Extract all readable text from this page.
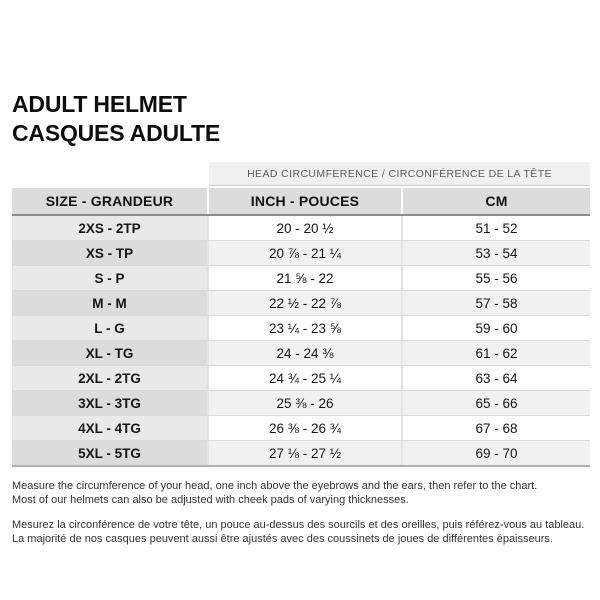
ADULT HELMET
CASQUES ADULTE
HEAD CIRCUMFERENCE / CIRCONFÉRENCE DE LA TÊTE
SIZE - GRANDEUR	INCH - POUCES	CM
2XS - 2TP	20 - 20 ½	51 - 52
XS - TP	20 ⅞ - 21 ¼	53 - 54
S - P	21 ⅝ - 22	55 - 56
M - M	22 ½ - 22 ⅞	57 - 58
L - G	23 ¼ - 23 ⅝	59 - 60
XL - TG	24 - 24 ⅜	61 - 62
2XL - 2TG	24 ¾ - 25 ¼	63 - 64
3XL - 3TG	25 ⅜ - 26	65 - 66
4XL - 4TG	26 ⅜ - 26 ¾	67 - 68
5XL - 5TG	27 ⅛ - 27 ½	69 - 70

Measure the circumference of your head, one inch above the eyebrows and the ears, then refer to the chart.
Most of our helmets can also be adjusted with cheek pads of varying thicknesses.

Mesurez la circonférence de votre tête, un pouce au-dessus des sourcils et des oreilles, puis référez-vous au tableau.
La majorité de nos casques peuvent aussi être ajustés avec des coussinets de joues de différentes épaisseurs.
